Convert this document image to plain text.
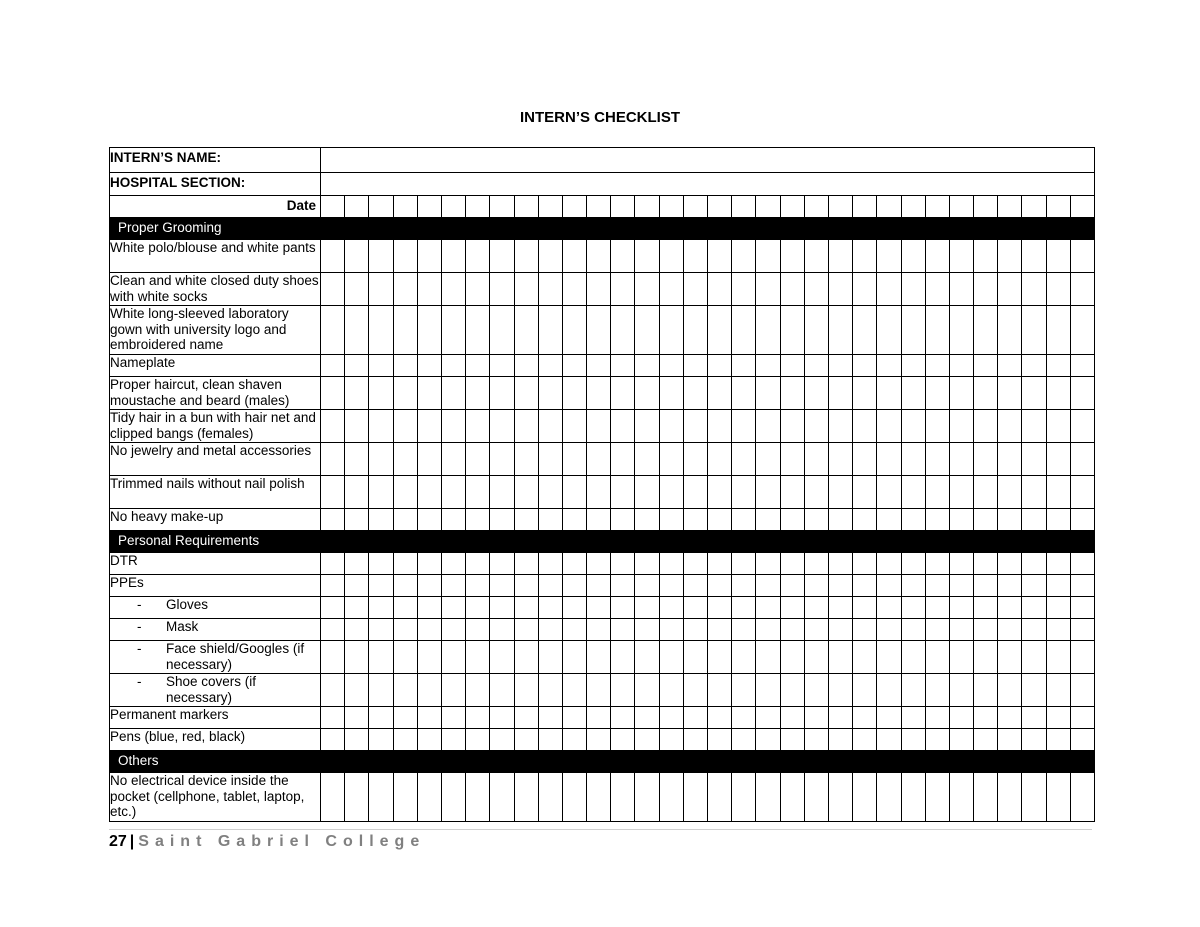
INTERN’S CHECKLIST
INTERN’S NAME:																																
HOSPITAL SECTION:																																
Date																																
Proper Grooming																																
White polo/blouse and white pants																																
Clean and white closed duty shoes with white socks																																
White long-sleeved laboratory gown with university logo and embroidered name																																
Nameplate																																
Proper haircut, clean shaven moustache and beard (males)																																
Tidy hair in a bun with hair net and clipped bangs (females)																																
No jewelry and metal accessories																																
Trimmed nails without nail polish																																
No heavy make-up																																
Personal Requirements																																
DTR																																
PPEs																																

- Gloves																																

- Mask																																

- Face shield/Googles (if necessary)																																

- Shoe covers (if necessary)																																

Permanent markers																																
Pens (blue, red, black)																																
Others																																
No electrical device inside the pocket (cellphone, tablet, laptop, etc.)																																
27 | Saint Gabriel College
